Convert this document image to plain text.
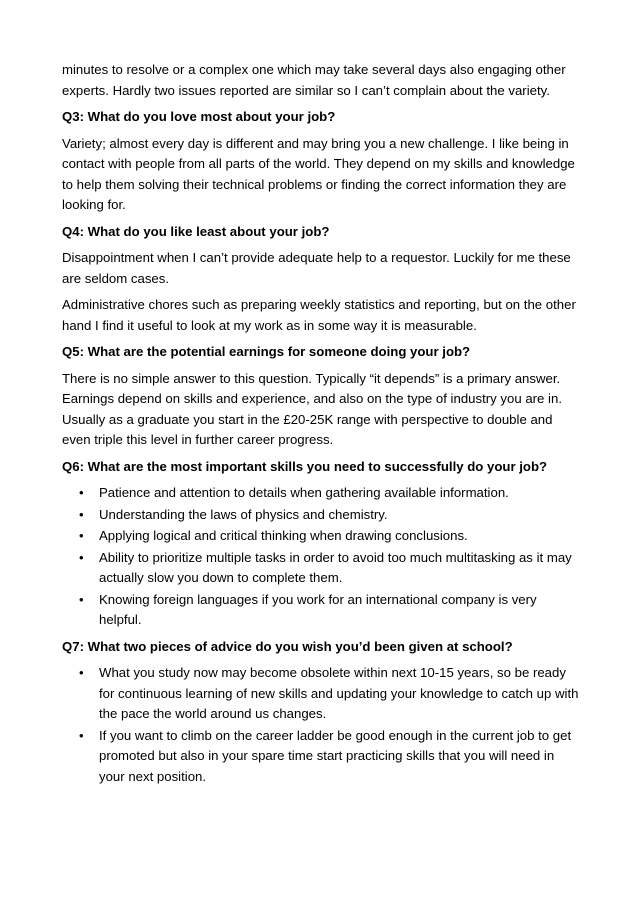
minutes to resolve or a complex one which may take several days also engaging other experts. Hardly two issues reported are similar so I can’t complain about the variety.

Q3: What do you love most about your job?

Variety; almost every day is different and may bring you a new challenge. I like being in contact with people from all parts of the world. They depend on my skills and knowledge to help them solving their technical problems or finding the correct information they are looking for.

Q4: What do you like least about your job?

Disappointment when I can’t provide adequate help to a requestor. Luckily for me these are seldom cases.

Administrative chores such as preparing weekly statistics and reporting, but on the other hand I find it useful to look at my work as in some way it is measurable.

Q5: What are the potential earnings for someone doing your job?

There is no simple answer to this question. Typically “it depends” is a primary answer. Earnings depend on skills and experience, and also on the type of industry you are in. Usually as a graduate you start in the £20-25K range with perspective to double and even triple this level in further career progress.

Q6: What are the most important skills you need to successfully do your job?

• Patience and attention to details when gathering available information.
• Understanding the laws of physics and chemistry.
• Applying logical and critical thinking when drawing conclusions.
• Ability to prioritize multiple tasks in order to avoid too much multitasking as it may actually slow you down to complete them.
• Knowing foreign languages if you work for an international company is very helpful.

Q7: What two pieces of advice do you wish you’d been given at school?

• What you study now may become obsolete within next 10-15 years, so be ready for continuous learning of new skills and updating your knowledge to catch up with the pace the world around us changes.
• If you want to climb on the career ladder be good enough in the current job to get promoted but also in your spare time start practicing skills that you will need in your next position.
